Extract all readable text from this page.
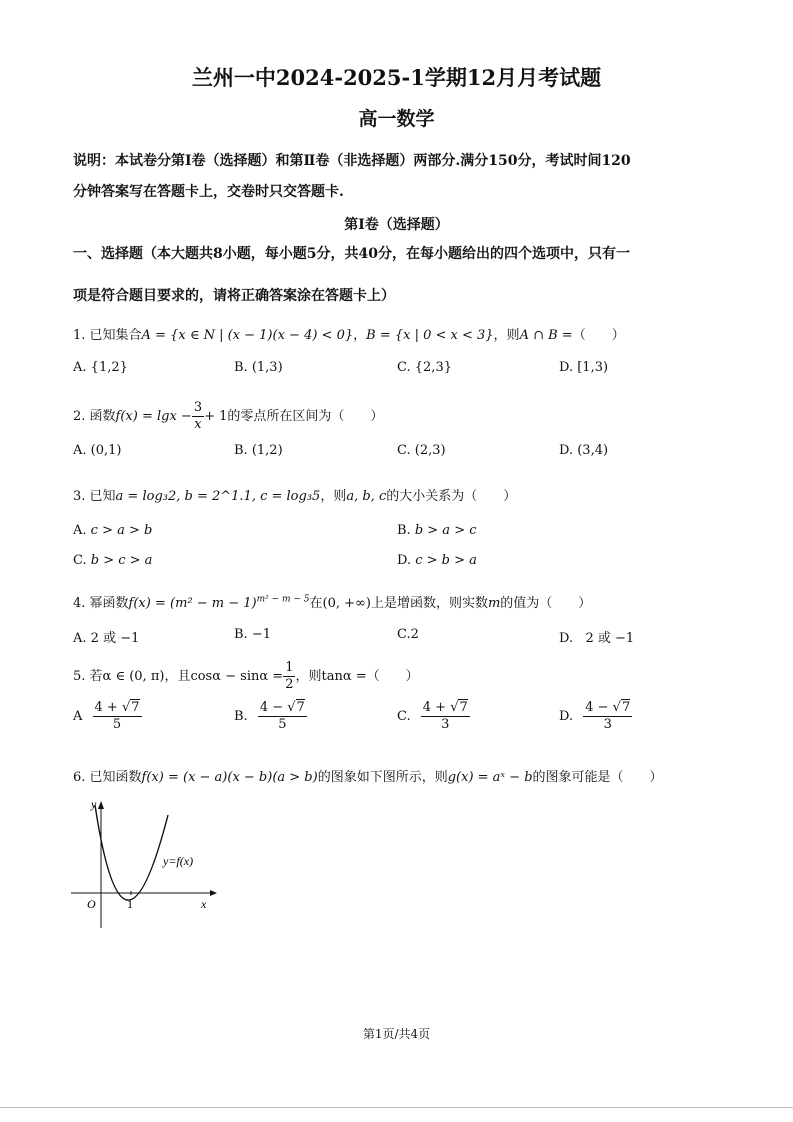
兰州一中2024-2025-1学期12月月考试题
高一数学
说明：本试卷分第Ⅰ卷（选择题）和第Ⅱ卷（非选择题）两部分.满分150分，考试时间120
分钟答案写在答题卡上，交卷时只交答题卡.
第Ⅰ卷（选择题）
一、选择题（本大题共8小题，每小题5分，共40分，在每小题给出的四个选项中，只有一
项是符合题目要求的，请将正确答案涂在答题卡上）
1. 已知集合A = {x ∈ N | (x − 1)(x − 4) < 0}，B = {x | 0 < x < 3}，则A ∩ B =（　　）
A. {1,2}	B. (1,3)	C. {2,3}	D. [1,3)
2. 函数$f(x) = \lg x - \frac{3}{x} + 1$的零点所在区间为（　　）
A. (0,1)	B. (1,2)	C. (2,3)	D. (3,4)
3. 已知a = log₃2, b = 2^1.1, c = log₃5，则a, b, c的大小关系为（　　）
A. c > a > b	B. b > a > c
C. b > c > a	D. c > b > a
4. 幂函数$f(x) = (m^2 - m - 1)^{m^2 - m - 5}$在(0, +∞)上是增函数，则实数m的值为（　　）
A. 2 或 −1	B. −1	C.2	D. 2 或 −1
5. 若α ∈ (0, π)，且$\cos\alpha - \sin\alpha = \frac{1}{2}$ ，则tanα =（　　）
A $\frac{4 + √7}{5}$	B. $\frac{4 - √7}{5}$	C. $\frac{4 + √7}{3}$	D. $\frac{4 - √7}{3}$
6. 已知函数f(x) = (x − a)(x − b)(a > b)的图象如下图所示，则g(x) = aˣ − b的图象可能是（　　）
y
x
O	1
y=f(x)
第1页/共4页
